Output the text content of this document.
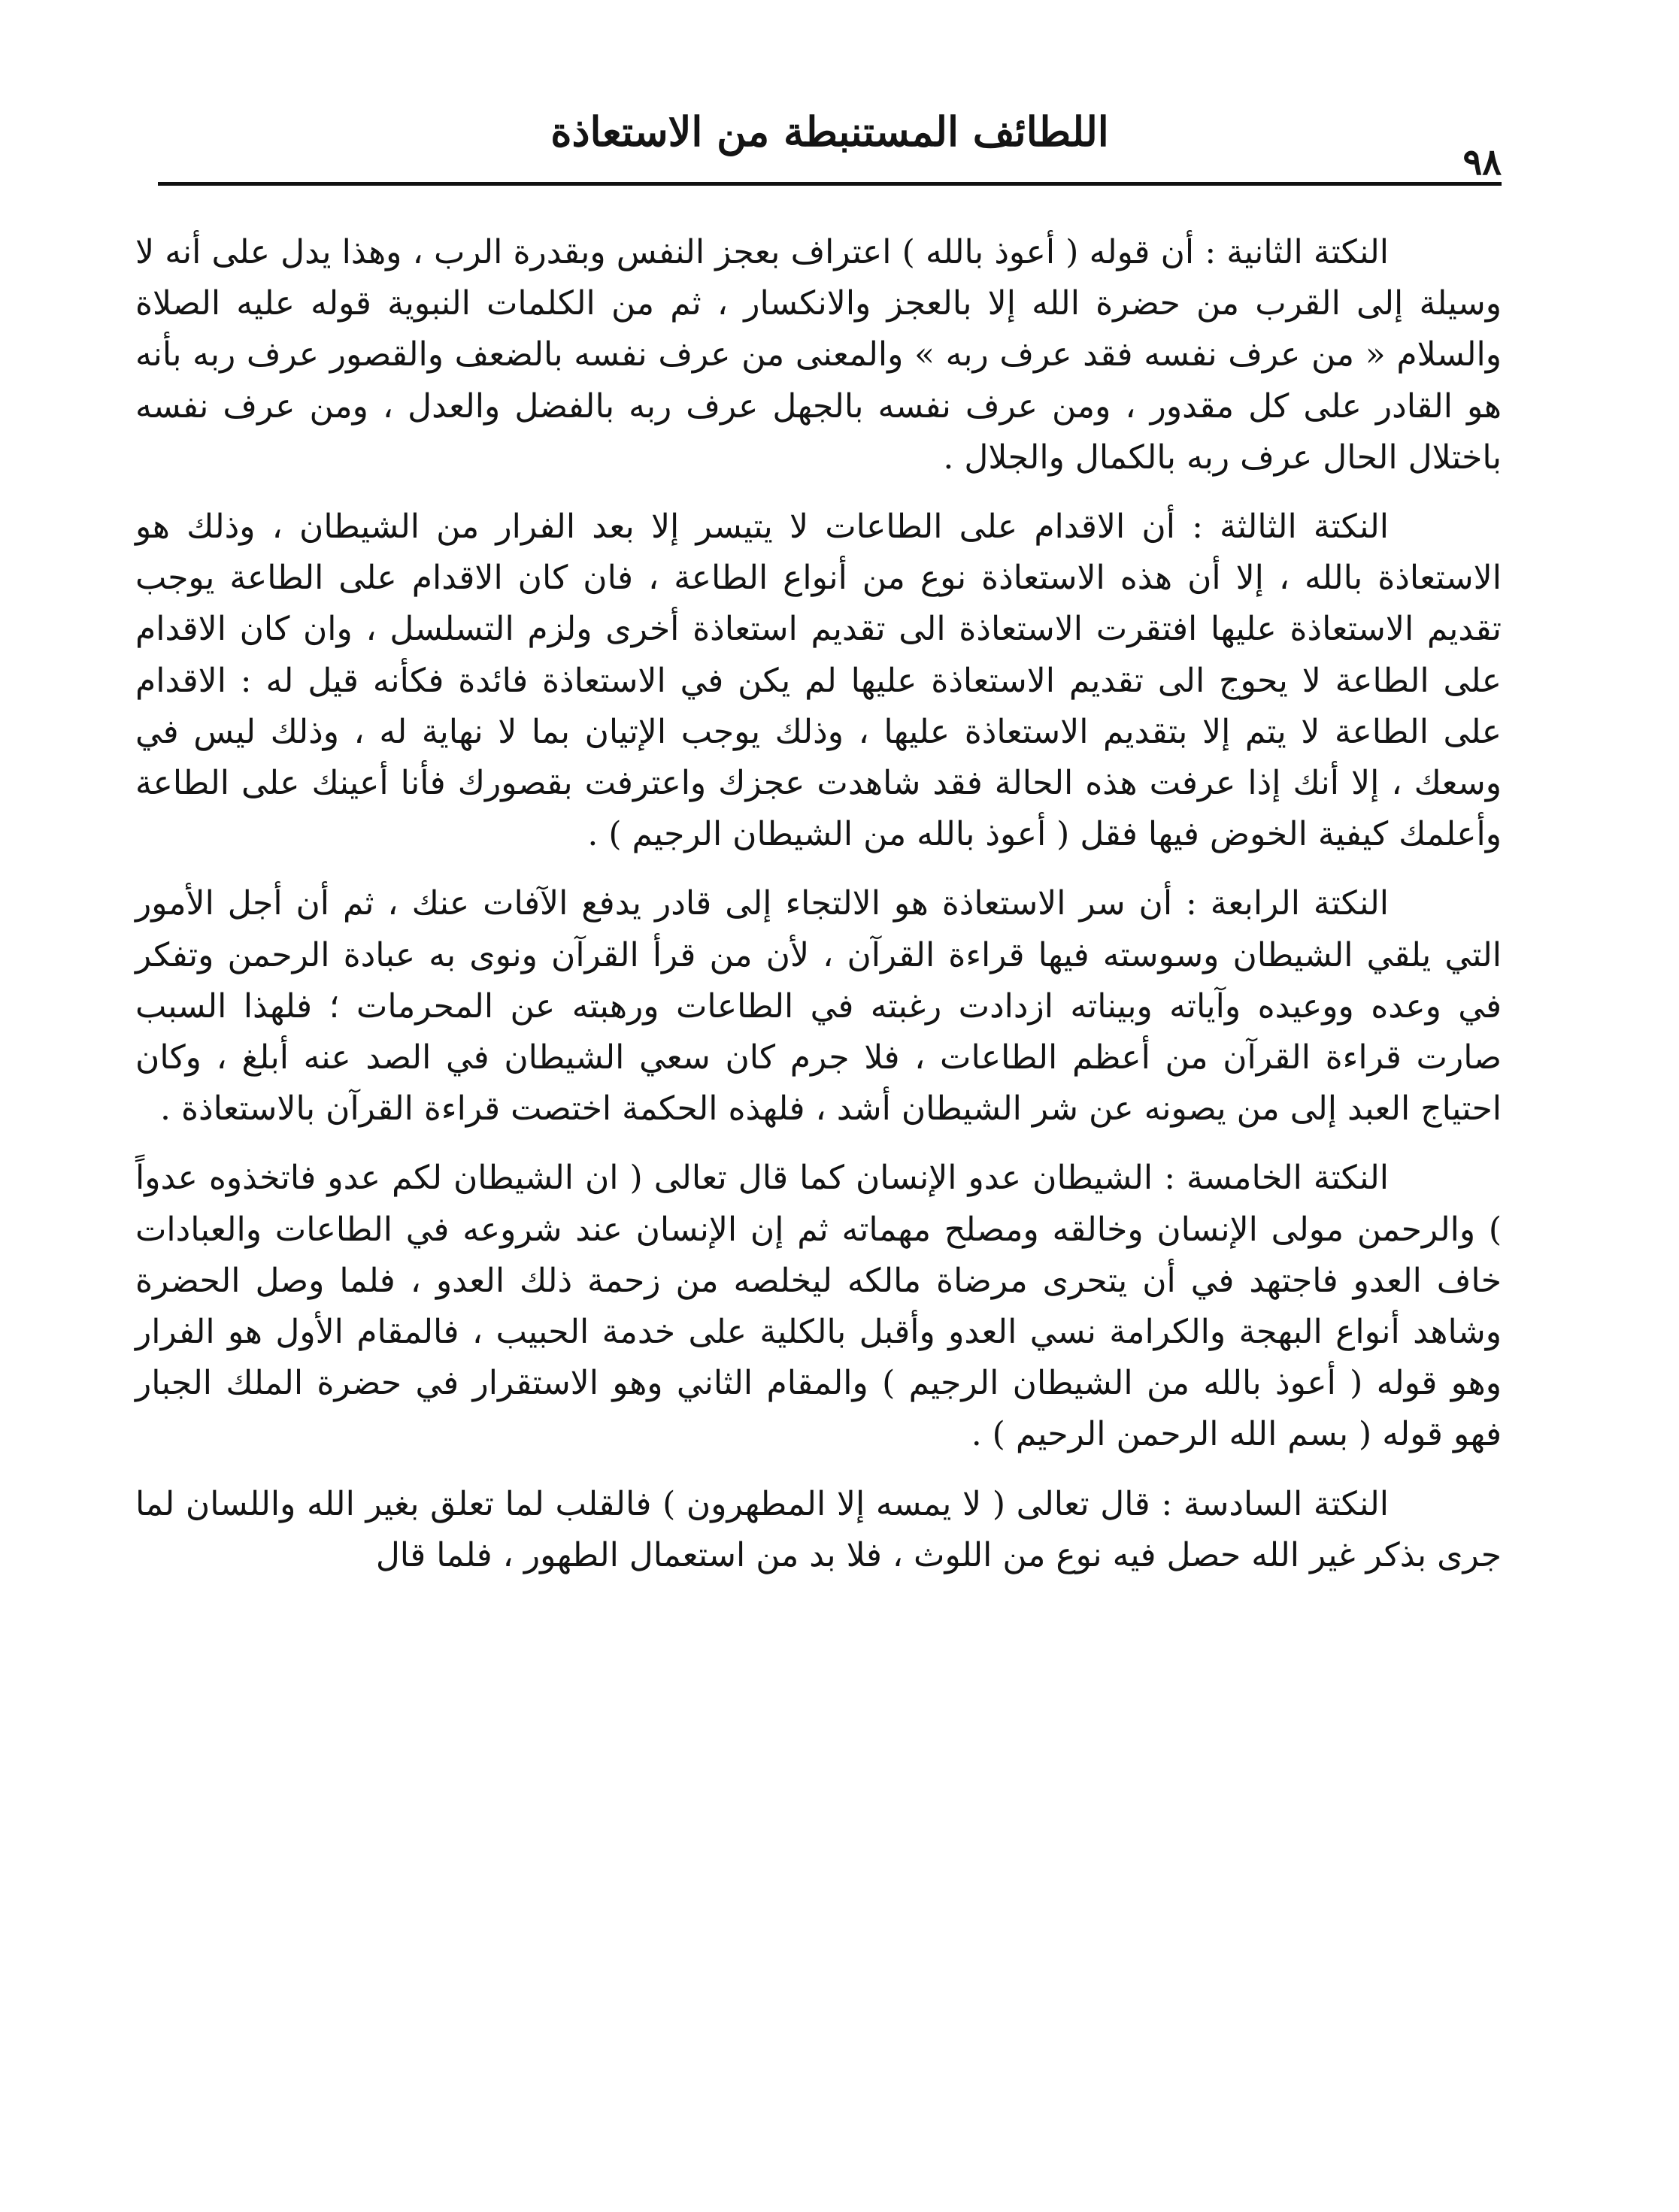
اللطائف المستنبطة من الاستعاذة
٩٨

النكتة الثانية : أن قوله ( أعوذ بالله ) اعتراف بعجز النفس وبقدرة الرب ، وهذا يدل على أنه لا وسيلة إلى القرب من حضرة الله إلا بالعجز والانكسار ، ثم من الكلمات النبوية قوله عليه الصلاة والسلام « من عرف نفسه فقد عرف ربه » والمعنى من عرف نفسه بالضعف والقصور عرف ربه بأنه هو القادر على كل مقدور ، ومن عرف نفسه بالجهل عرف ربه بالفضل والعدل ، ومن عرف نفسه باختلال الحال عرف ربه بالكمال والجلال .

النكتة الثالثة : أن الاقدام على الطاعات لا يتيسر إلا بعد الفرار من الشيطان ، وذلك هو الاستعاذة بالله ، إلا أن هذه الاستعاذة نوع من أنواع الطاعة ، فان كان الاقدام على الطاعة يوجب تقديم الاستعاذة عليها افتقرت الاستعاذة الى تقديم استعاذة أخرى ولزم التسلسل ، وان كان الاقدام على الطاعة لا يحوج الى تقديم الاستعاذة عليها لم يكن في الاستعاذة فائدة فكأنه قيل له : الاقدام على الطاعة لا يتم إلا بتقديم الاستعاذة عليها ، وذلك يوجب الإتيان بما لا نهاية له ، وذلك ليس في وسعك ، إلا أنك إذا عرفت هذه الحالة فقد شاهدت عجزك واعترفت بقصورك فأنا أعينك على الطاعة وأعلمك كيفية الخوض فيها فقل ( أعوذ بالله من الشيطان الرجيم ) .

النكتة الرابعة : أن سر الاستعاذة هو الالتجاء إلى قادر يدفع الآفات عنك ، ثم أن أجل الأمور التي يلقي الشيطان وسوسته فيها قراءة القرآن ، لأن من قرأ القرآن ونوى به عبادة الرحمن وتفكر في وعده ووعيده وآياته وبيناته ازدادت رغبته في الطاعات ورهبته عن المحرمات ؛ فلهذا السبب صارت قراءة القرآن من أعظم الطاعات ، فلا جرم كان سعي الشيطان في الصد عنه أبلغ ، وكان احتياج العبد إلى من يصونه عن شر الشيطان أشد ، فلهذه الحكمة اختصت قراءة القرآن بالاستعاذة .

النكتة الخامسة : الشيطان عدو الإنسان كما قال تعالى ( ان الشيطان لكم عدو فاتخذوه عدواً ) والرحمن مولى الإنسان وخالقه ومصلح مهماته ثم إن الإنسان عند شروعه في الطاعات والعبادات خاف العدو فاجتهد في أن يتحرى مرضاة مالكه ليخلصه من زحمة ذلك العدو ، فلما وصل الحضرة وشاهد أنواع البهجة والكرامة نسي العدو وأقبل بالكلية على خدمة الحبيب ، فالمقام الأول هو الفرار وهو قوله ( أعوذ بالله من الشيطان الرجيم ) والمقام الثاني وهو الاستقرار في حضرة الملك الجبار فهو قوله ( بسم الله الرحمن الرحيم ) .

النكتة السادسة : قال تعالى ( لا يمسه إلا المطهرون ) فالقلب لما تعلق بغير الله واللسان لما جرى بذكر غير الله حصل فيه نوع من اللوث ، فلا بد من استعمال الطهور ، فلما قال
